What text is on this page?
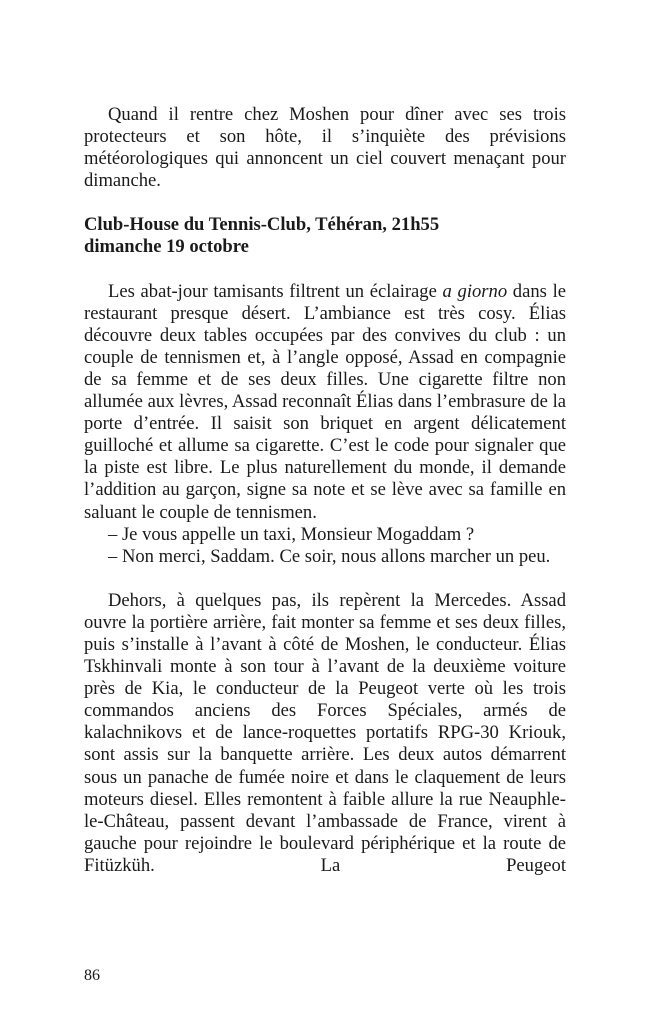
Quand il rentre chez Moshen pour dîner avec ses trois protecteurs et son hôte, il s’inquiète des prévisions météorologiques qui annoncent un ciel couvert menaçant pour dimanche.

Club-House du Tennis-Club, Téhéran, 21h55
dimanche 19 octobre

Les abat-jour tamisants filtrent un éclairage a giorno dans le restaurant presque désert. L’ambiance est très cosy. Élias découvre deux tables occupées par des convives du club : un couple de tennismen et, à l’angle opposé, Assad en compagnie de sa femme et de ses deux filles. Une cigarette filtre non allumée aux lèvres, Assad reconnaît Élias dans l’embrasure de la porte d’entrée. Il saisit son briquet en argent délicatement guilloché et allume sa cigarette. C’est le code pour signaler que la piste est libre. Le plus naturellement du monde, il demande l’addition au garçon, signe sa note et se lève avec sa famille en saluant le couple de tennismen.

– Je vous appelle un taxi, Monsieur Mogaddam ?

– Non merci, Saddam. Ce soir, nous allons marcher un peu.

Dehors, à quelques pas, ils repèrent la Mercedes. Assad ouvre la portière arrière, fait monter sa femme et ses deux filles, puis s’installe à l’avant à côté de Moshen, le conducteur. Élias Tskhinvali monte à son tour à l’avant de la deuxième voiture près de Kia, le conducteur de la Peugeot verte où les trois commandos anciens des Forces Spéciales, armés de kalachnikovs et de lance-roquettes portatifs RPG-30 Kriouk, sont assis sur la banquette arrière. Les deux autos démarrent sous un panache de fumée noire et dans le claquement de leurs moteurs diesel. Elles remontent à faible allure la rue Neauphle-le-Château, passent devant l’ambassade de France, virent à gauche pour rejoindre le boulevard périphérique et la route de Fitüzküh. La Peugeot

86
